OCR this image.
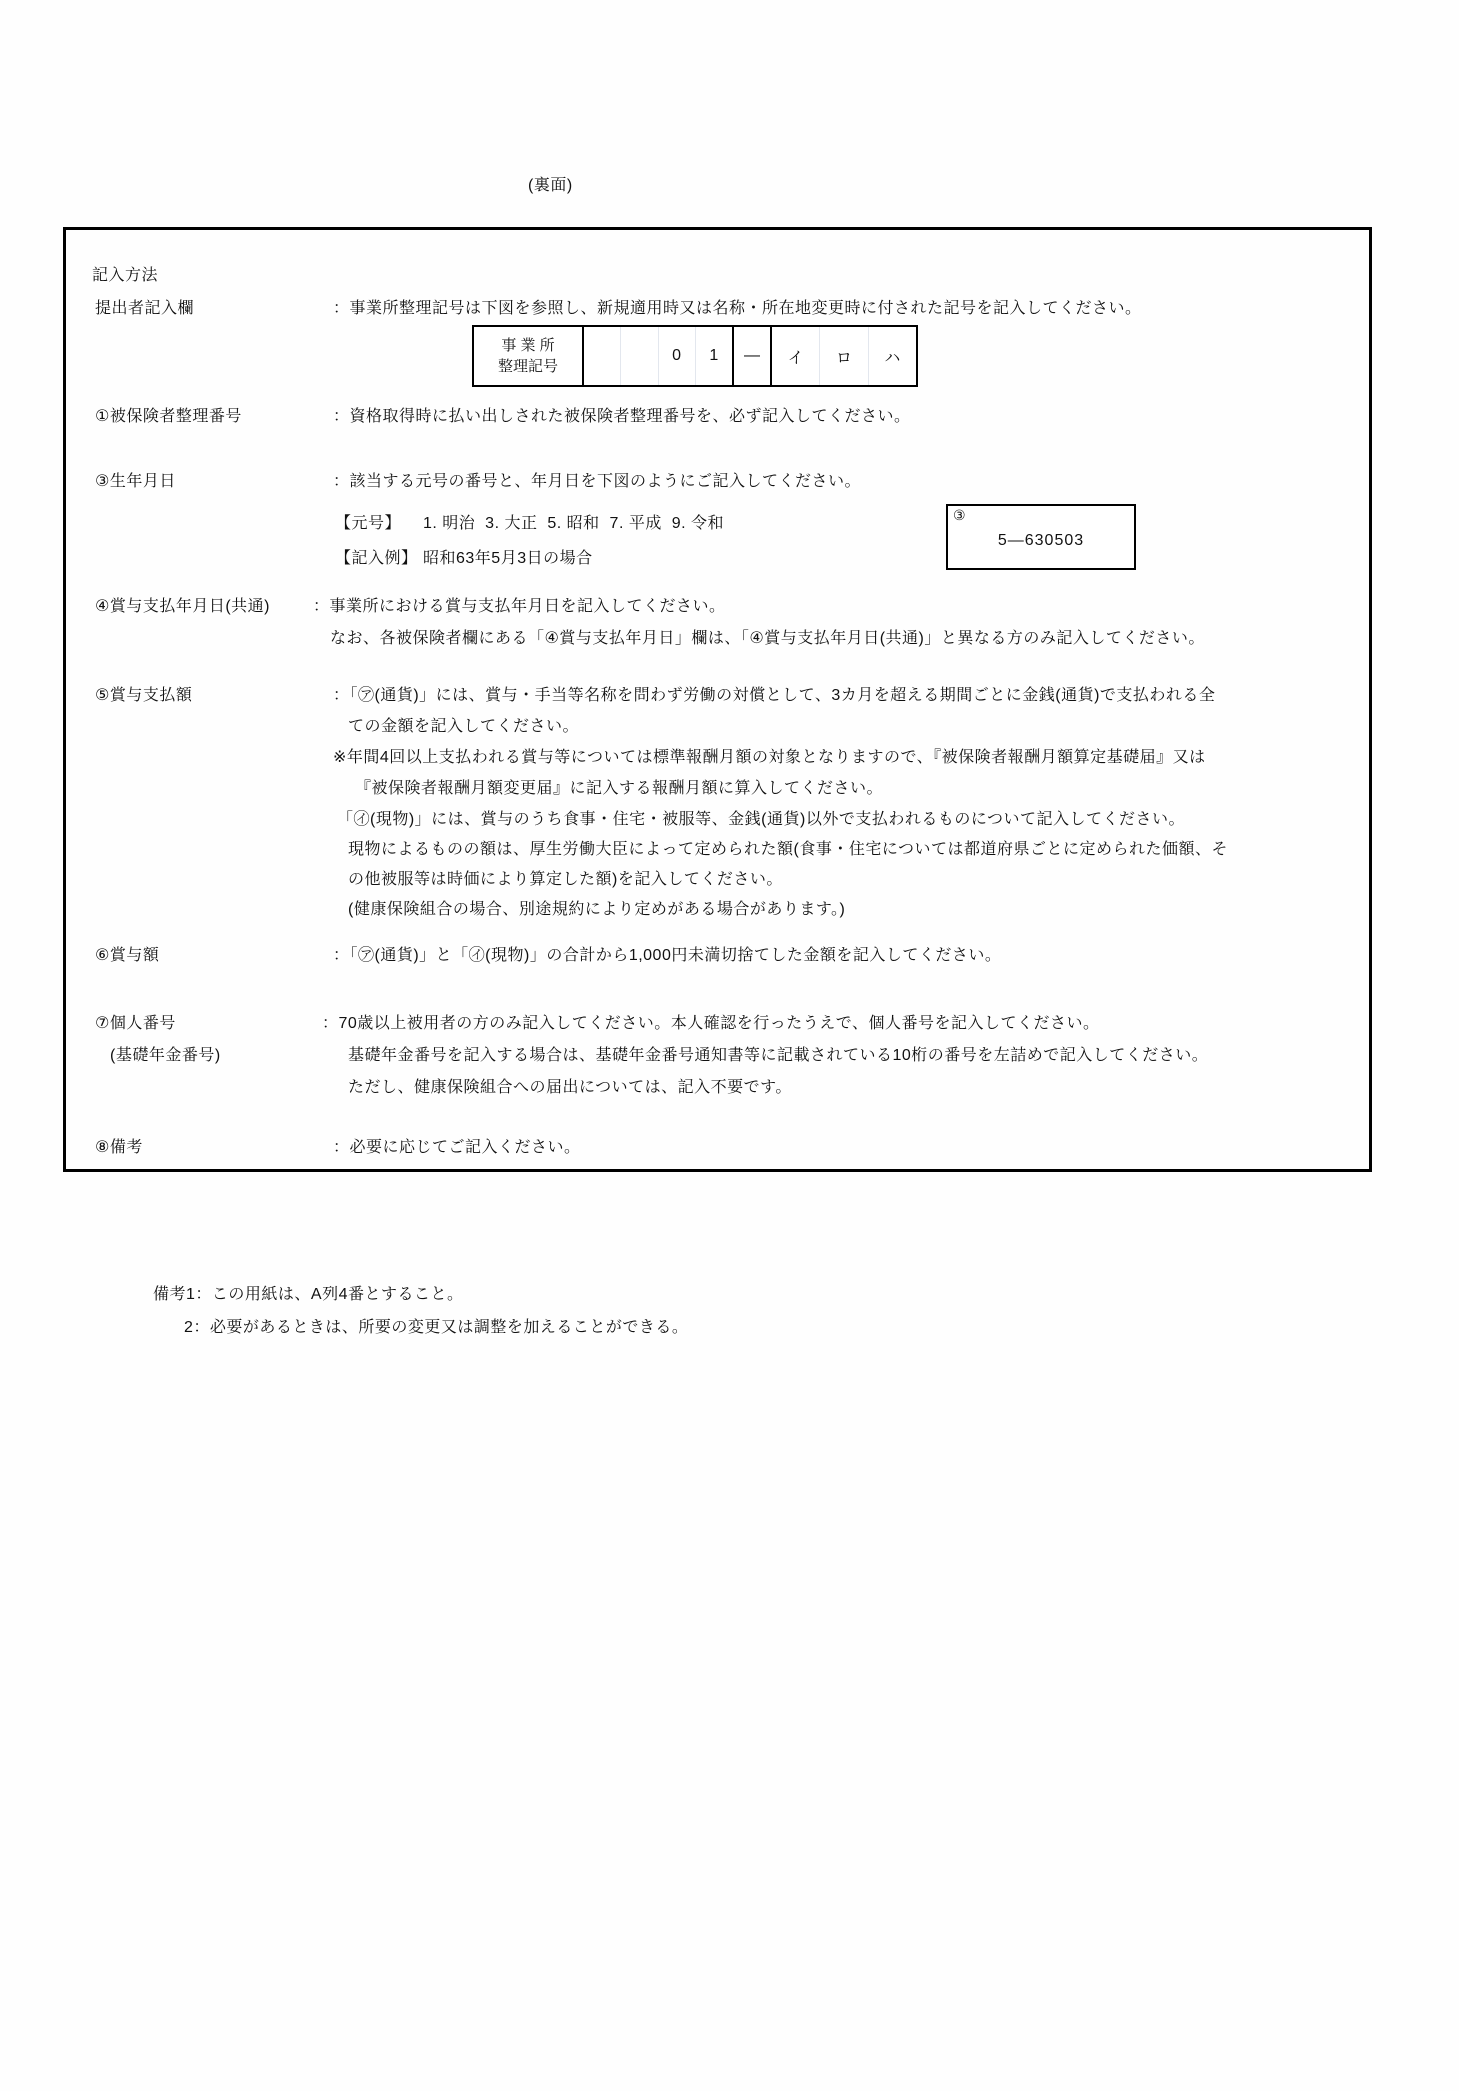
(裏面)
記入方法
提出者記入欄	：事業所整理記号は下図を参照し、新規適用時又は名称・所在地変更時に付された記号を記入してください。
事 業 所
整理記号
0	1	―	イ	ロ	ハ
①被保険者整理番号	：資格取得時に払い出しされた被保険者整理番号を、必ず記入してください。
③生年月日	：該当する元号の番号と、年月日を下図のようにご記入してください。
【元号】 1. 明治  3. 大正  5. 昭和  7. 平成  9. 令和
【記入例】 昭和63年5月3日の場合
③
5―630503
④賞与支払年月日(共通)	：事業所における賞与支払年月日を記入してください。
なお、各被保険者欄にある「④賞与支払年月日」欄は、「④賞与支払年月日(共通)」と異なる方のみ記入してください。
⑤賞与支払額	：「㋐(通貨)」には、賞与・手当等名称を問わず労働の対償として、3カ月を超える期間ごとに金銭(通貨)で支払われる全
ての金額を記入してください。
※年間4回以上支払われる賞与等については標準報酬月額の対象となりますので、『被保険者報酬月額算定基礎届』又は
『被保険者報酬月額変更届』に記入する報酬月額に算入してください。
「㋑(現物)」には、賞与のうち食事・住宅・被服等、金銭(通貨)以外で支払われるものについて記入してください。
現物によるものの額は、厚生労働大臣によって定められた額(食事・住宅については都道府県ごとに定められた価額、そ
の他被服等は時価により算定した額)を記入してください。
(健康保険組合の場合、別途規約により定めがある場合があります。)
⑥賞与額	：「㋐(通貨)」と「㋑(現物)」の合計から1,000円未満切捨てした金額を記入してください。
⑦個人番号	：70歳以上被用者の方のみ記入してください。本人確認を行ったうえで、個人番号を記入してください。
(基礎年金番号)	基礎年金番号を記入する場合は、基礎年金番号通知書等に記載されている10桁の番号を左詰めで記入してください。
ただし、健康保険組合への届出については、記入不要です。
⑧備考	：必要に応じてご記入ください。
備考1：この用紙は、A列4番とすること。
2：必要があるときは、所要の変更又は調整を加えることができる。
